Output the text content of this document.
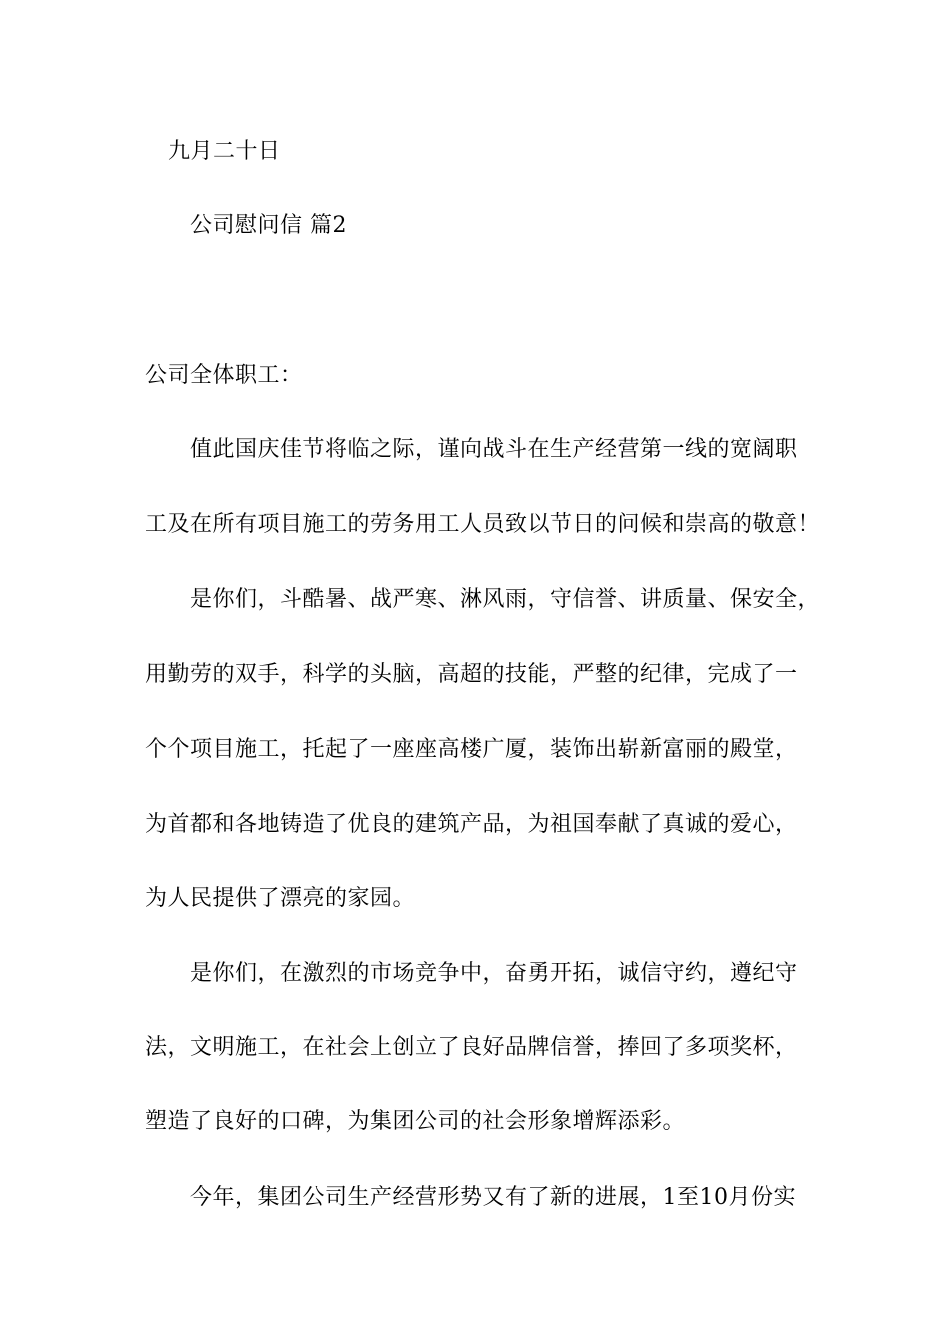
九月二十日
公司慰问信 篇2
公司全体职工：
值此国庆佳节将临之际，谨向战斗在生产经营第一线的宽阔职
工及在所有项目施工的劳务用工人员致以节日的问候和崇高的敬意！
是你们，斗酷暑、战严寒、淋风雨，守信誉、讲质量、保安全，
用勤劳的双手，科学的头脑，高超的技能，严整的纪律，完成了一
个个项目施工，托起了一座座高楼广厦，装饰出崭新富丽的殿堂，
为首都和各地铸造了优良的建筑产品，为祖国奉献了真诚的爱心，
为人民提供了漂亮的家园。
是你们，在激烈的市场竞争中，奋勇开拓，诚信守约，遵纪守
法，文明施工，在社会上创立了良好品牌信誉，捧回了多项奖杯，
塑造了良好的口碑，为集团公司的社会形象增辉添彩。
今年，集团公司生产经营形势又有了新的进展，1至10月份实
